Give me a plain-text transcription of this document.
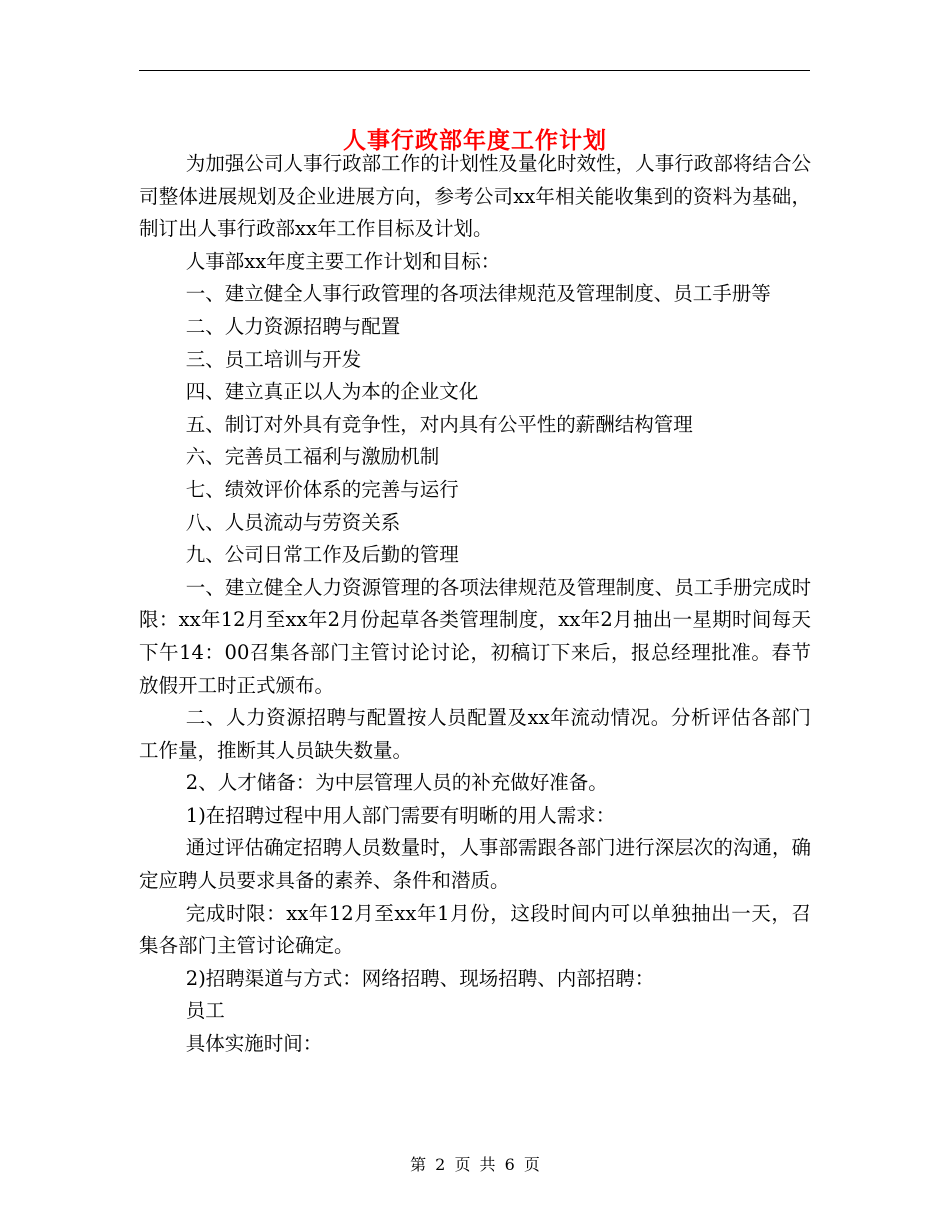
人事行政部年度工作计划

为加强公司人事行政部工作的计划性及量化时效性，人事行政部将结合公司整体进展规划及企业进展方向，参考公司xx年相关能收集到的资料为基础，制订出人事行政部xx年工作目标及计划。

人事部xx年度主要工作计划和目标：

一、建立健全人事行政管理的各项法律规范及管理制度、员工手册等

二、人力资源招聘与配置

三、员工培训与开发

四、建立真正以人为本的企业文化

五、制订对外具有竞争性，对内具有公平性的薪酬结构管理

六、完善员工福利与激励机制

七、绩效评价体系的完善与运行

八、人员流动与劳资关系

九、公司日常工作及后勤的管理

一、建立健全人力资源管理的各项法律规范及管理制度、员工手册完成时限：xx年12月至xx年2月份起草各类管理制度，xx年2月抽出一星期时间每天下午14：00召集各部门主管讨论讨论，初稿订下来后，报总经理批准。春节放假开工时正式颁布。

二、人力资源招聘与配置按人员配置及xx年流动情况。分析评估各部门工作量，推断其人员缺失数量。

2、人才储备：为中层管理人员的补充做好准备。

1)在招聘过程中用人部门需要有明晰的用人需求：

通过评估确定招聘人员数量时，人事部需跟各部门进行深层次的沟通，确定应聘人员要求具备的素养、条件和潜质。

完成时限：xx年12月至xx年1月份，这段时间内可以单独抽出一天，召集各部门主管讨论确定。

2)招聘渠道与方式：网络招聘、现场招聘、内部招聘：

员工

具体实施时间：

第 2 页 共 6 页
